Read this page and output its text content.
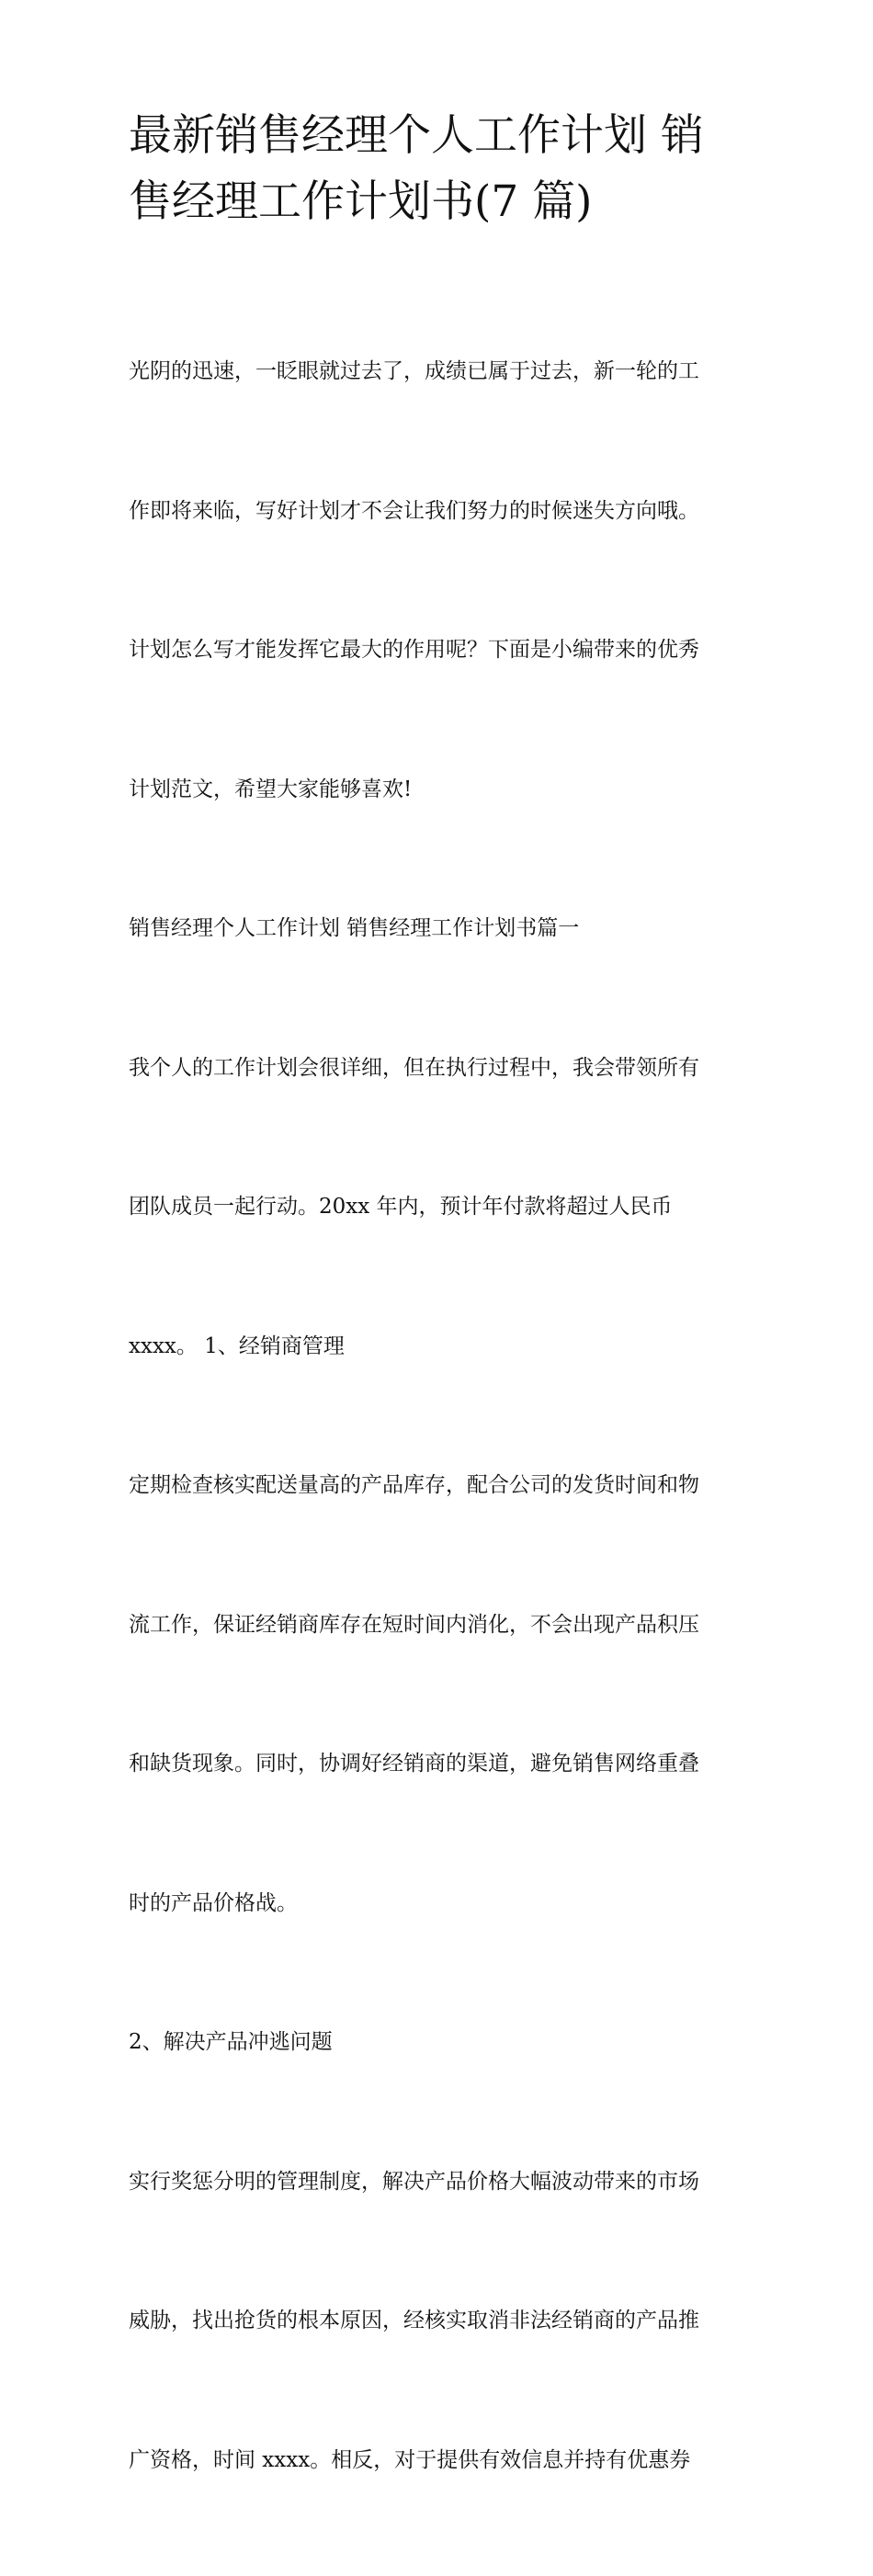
最新销售经理个人工作计划 销
售经理工作计划书(7 篇)

光阴的迅速，一眨眼就过去了，成绩已属于过去，新一轮的工

作即将来临，写好计划才不会让我们努力的时候迷失方向哦。

计划怎么写才能发挥它最大的作用呢？下面是小编带来的优秀

计划范文，希望大家能够喜欢!

销售经理个人工作计划 销售经理工作计划书篇一

我个人的工作计划会很详细，但在执行过程中，我会带领所有

团队成员一起行动。20xx 年内，预计年付款将超过人民币

xxxx。 1、经销商管理

定期检查核实配送量高的产品库存，配合公司的发货时间和物

流工作，保证经销商库存在短时间内消化，不会出现产品积压

和缺货现象。同时，协调好经销商的渠道，避免销售网络重叠

时的产品价格战。

2、解决产品冲逃问题

实行奖惩分明的管理制度，解决产品价格大幅波动带来的市场

威胁，找出抢货的根本原因，经核实取消非法经销商的产品推

广资格，时间 xxxx。相反，对于提供有效信息并持有优惠券
